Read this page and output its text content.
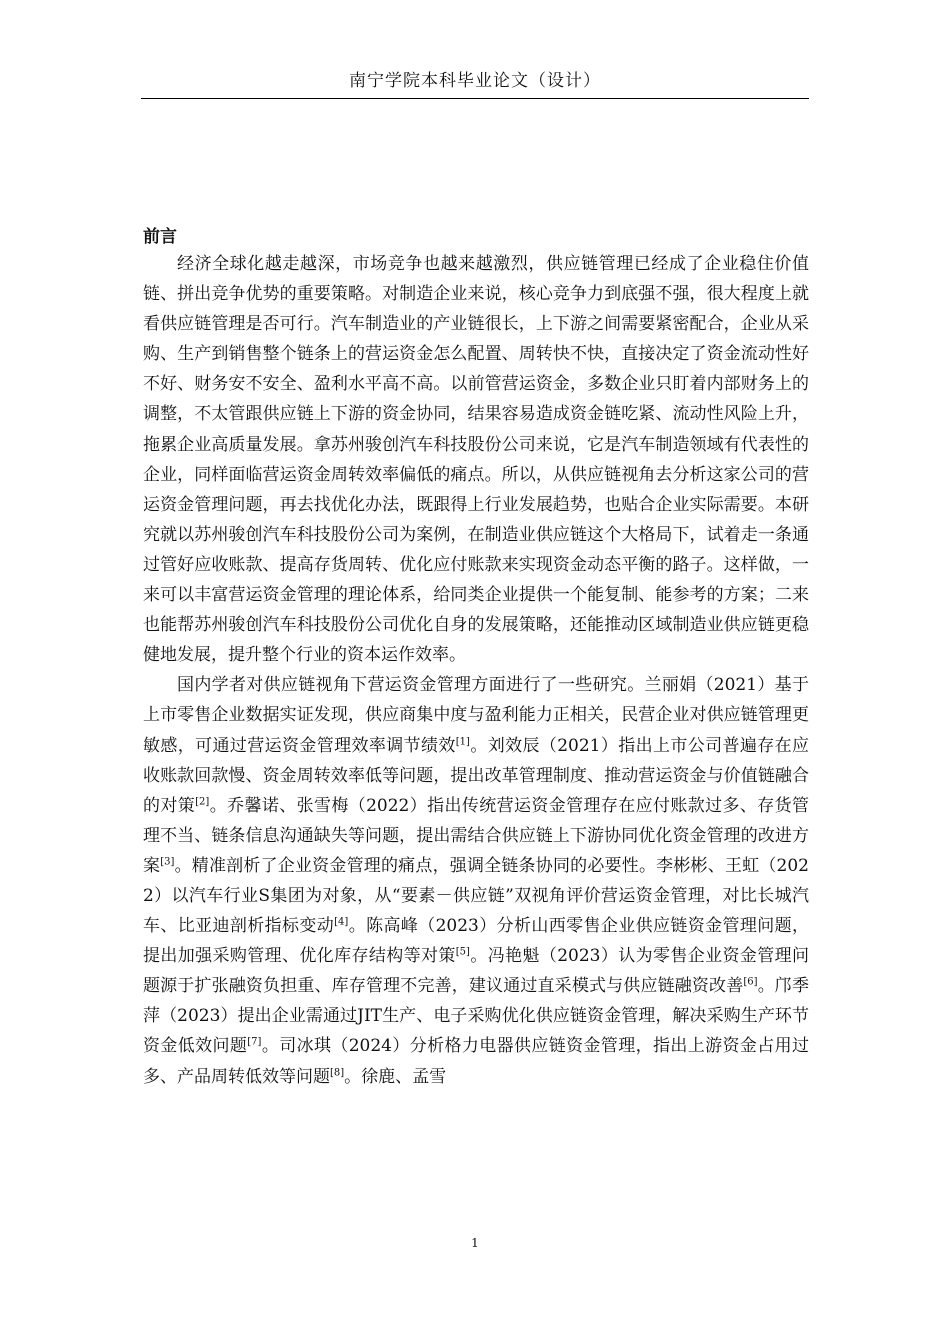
南宁学院本科毕业论文（设计）

前言

经济全球化越走越深，市场竞争也越来越激烈，供应链管理已经成了企业稳住价值链、拼出竞争优势的重要策略。对制造企业来说，核心竞争力到底强不强，很大程度上就看供应链管理是否可行。汽车制造业的产业链很长，上下游之间需要紧密配合，企业从采购、生产到销售整个链条上的营运资金怎么配置、周转快不快，直接决定了资金流动性好不好、财务安不安全、盈利水平高不高。以前管营运资金，多数企业只盯着内部财务上的调整，不太管跟供应链上下游的资金协同，结果容易造成资金链吃紧、流动性风险上升，拖累企业高质量发展。拿苏州骏创汽车科技股份公司来说，它是汽车制造领域有代表性的企业，同样面临营运资金周转效率偏低的痛点。所以，从供应链视角去分析这家公司的营运资金管理问题，再去找优化办法，既跟得上行业发展趋势，也贴合企业实际需要。本研究就以苏州骏创汽车科技股份公司为案例，在制造业供应链这个大格局下，试着走一条通过管好应收账款、提高存货周转、优化应付账款来实现资金动态平衡的路子。这样做，一来可以丰富营运资金管理的理论体系，给同类企业提供一个能复制、能参考的方案；二来也能帮苏州骏创汽车科技股份公司优化自身的发展策略，还能推动区域制造业供应链更稳健地发展，提升整个行业的资本运作效率。

国内学者对供应链视角下营运资金管理方面进行了一些研究。兰丽娟（2021）基于上市零售企业数据实证发现，供应商集中度与盈利能力正相关，民营企业对供应链管理更敏感，可通过营运资金管理效率调节绩效[1]。刘效辰（2021）指出上市公司普遍存在应收账款回款慢、资金周转效率低等问题，提出改革管理制度、推动营运资金与价值链融合的对策[2]。乔馨诺、张雪梅（2022）指出传统营运资金管理存在应付账款过多、存货管理不当、链条信息沟通缺失等问题，提出需结合供应链上下游协同优化资金管理的改进方案[3]。精准剖析了企业资金管理的痛点，强调全链条协同的必要性。李彬彬、王虹（2022）以汽车行业S集团为对象，从“要素－供应链”双视角评价营运资金管理，对比长城汽车、比亚迪剖析指标变动[4]。陈高峰（2023）分析山西零售企业供应链资金管理问题，提出加强采购管理、优化库存结构等对策[5]。冯艳魁（2023）认为零售企业资金管理问题源于扩张融资负担重、库存管理不完善，建议通过直采模式与供应链融资改善[6]。邝季萍（2023）提出企业需通过JIT生产、电子采购优化供应链资金管理，解决采购生产环节资金低效问题[7]。司冰琪（2024）分析格力电器供应链资金管理，指出上游资金占用过多、产品周转低效等问题[8]。徐鹿、孟雪

1
